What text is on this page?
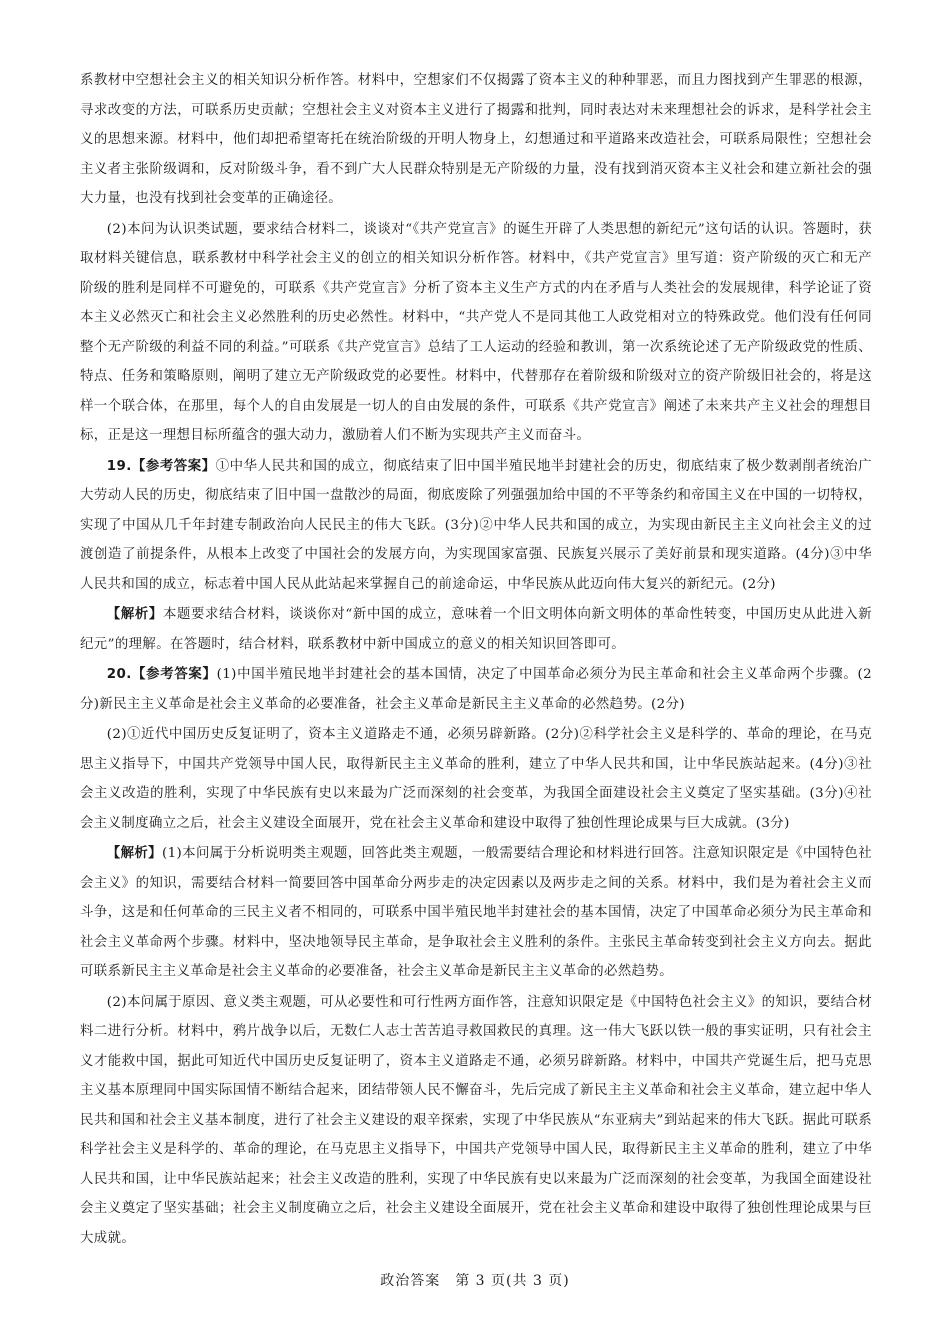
系教材中空想社会主义的相关知识分析作答。材料中，空想家们不仅揭露了资本主义的种种罪恶，而且力图找到产生罪恶的根源，寻求改变的方法，可联系历史贡献；空想社会主义对资本主义进行了揭露和批判，同时表达对未来理想社会的诉求，是科学社会主义的思想来源。材料中，他们却把希望寄托在统治阶级的开明人物身上，幻想通过和平道路来改造社会，可联系局限性；空想社会主义者主张阶级调和，反对阶级斗争，看不到广大人民群众特别是无产阶级的力量，没有找到消灭资本主义社会和建立新社会的强大力量，也没有找到社会变革的正确途径。

(2)本问为认识类试题，要求结合材料二，谈谈对“《共产党宣言》的诞生开辟了人类思想的新纪元”这句话的认识。答题时，获取材料关键信息，联系教材中科学社会主义的创立的相关知识分析作答。材料中，《共产党宣言》里写道：资产阶级的灭亡和无产阶级的胜利是同样不可避免的，可联系《共产党宣言》分析了资本主义生产方式的内在矛盾与人类社会的发展规律，科学论证了资本主义必然灭亡和社会主义必然胜利的历史必然性。材料中，“共产党人不是同其他工人政党相对立的特殊政党。他们没有任何同整个无产阶级的利益不同的利益。”可联系《共产党宣言》总结了工人运动的经验和教训，第一次系统论述了无产阶级政党的性质、特点、任务和策略原则，阐明了建立无产阶级政党的必要性。材料中，代替那存在着阶级和阶级对立的资产阶级旧社会的，将是这样一个联合体，在那里，每个人的自由发展是一切人的自由发展的条件，可联系《共产党宣言》阐述了未来共产主义社会的理想目标，正是这一理想目标所蕴含的强大动力，激励着人们不断为实现共产主义而奋斗。

19.【参考答案】①中华人民共和国的成立，彻底结束了旧中国半殖民地半封建社会的历史，彻底结束了极少数剥削者统治广大劳动人民的历史，彻底结束了旧中国一盘散沙的局面，彻底废除了列强强加给中国的不平等条约和帝国主义在中国的一切特权，实现了中国从几千年封建专制政治向人民民主的伟大飞跃。(3分)②中华人民共和国的成立，为实现由新民主主义向社会主义的过渡创造了前提条件，从根本上改变了中国社会的发展方向，为实现国家富强、民族复兴展示了美好前景和现实道路。(4分)③中华人民共和国的成立，标志着中国人民从此站起来掌握自己的前途命运，中华民族从此迈向伟大复兴的新纪元。(2分)

【解析】本题要求结合材料，谈谈你对“新中国的成立，意味着一个旧文明体向新文明体的革命性转变，中国历史从此进入新纪元”的理解。在答题时，结合材料，联系教材中新中国成立的意义的相关知识回答即可。

20.【参考答案】(1)中国半殖民地半封建社会的基本国情，决定了中国革命必须分为民主革命和社会主义革命两个步骤。(2分)新民主主义革命是社会主义革命的必要准备，社会主义革命是新民主主义革命的必然趋势。(2分)

(2)①近代中国历史反复证明了，资本主义道路走不通，必须另辟新路。(2分)②科学社会主义是科学的、革命的理论，在马克思主义指导下，中国共产党领导中国人民，取得新民主主义革命的胜利，建立了中华人民共和国，让中华民族站起来。(4分)③社会主义改造的胜利，实现了中华民族有史以来最为广泛而深刻的社会变革，为我国全面建设社会主义奠定了坚实基础。(3分)④社会主义制度确立之后，社会主义建设全面展开，党在社会主义革命和建设中取得了独创性理论成果与巨大成就。(3分)

【解析】(1)本问属于分析说明类主观题，回答此类主观题，一般需要结合理论和材料进行回答。注意知识限定是《中国特色社会主义》的知识，需要结合材料一简要回答中国革命分两步走的决定因素以及两步走之间的关系。材料中，我们是为着社会主义而斗争，这是和任何革命的三民主义者不相同的，可联系中国半殖民地半封建社会的基本国情，决定了中国革命必须分为民主革命和社会主义革命两个步骤。材料中，坚决地领导民主革命，是争取社会主义胜利的条件。主张民主革命转变到社会主义方向去。据此可联系新民主主义革命是社会主义革命的必要准备，社会主义革命是新民主主义革命的必然趋势。

(2)本问属于原因、意义类主观题，可从必要性和可行性两方面作答，注意知识限定是《中国特色社会主义》的知识，要结合材料二进行分析。材料中，鸦片战争以后，无数仁人志士苦苦追寻救国救民的真理。这一伟大飞跃以铁一般的事实证明，只有社会主义才能救中国，据此可知近代中国历史反复证明了，资本主义道路走不通，必须另辟新路。材料中，中国共产党诞生后，把马克思主义基本原理同中国实际国情不断结合起来，团结带领人民不懈奋斗，先后完成了新民主主义革命和社会主义革命，建立起中华人民共和国和社会主义基本制度，进行了社会主义建设的艰辛探索，实现了中华民族从“东亚病夫”到站起来的伟大飞跃。据此可联系科学社会主义是科学的、革命的理论，在马克思主义指导下，中国共产党领导中国人民，取得新民主主义革命的胜利，建立了中华人民共和国，让中华民族站起来；社会主义改造的胜利，实现了中华民族有史以来最为广泛而深刻的社会变革，为我国全面建设社会主义奠定了坚实基础；社会主义制度确立之后，社会主义建设全面展开，党在社会主义革命和建设中取得了独创性理论成果与巨大成就。

政治答案　第 3 页(共 3 页)
